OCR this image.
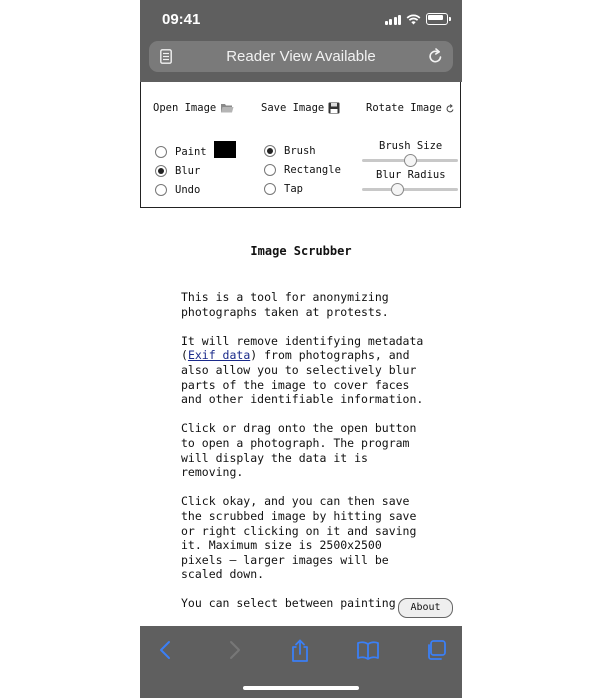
09:41
Reader View Available
Open Image	Save Image	Rotate Image
Paint
Blur
Undo
Brush
Rectangle
Tap
Brush Size
Blur Radius
Image Scrubber

This is a tool for anonymizing photographs taken at protests.

It will remove identifying metadata (Exif data) from photographs, and also allow you to selectively blur parts of the image to cover faces and other identifiable information.

Click or drag onto the open button to open a photograph. The program will display the data it is removing.

Click okay, and you can then save the scrubbed image by hitting save or right clicking on it and saving it. Maximum size is 2500x2500 pixels – larger images will be scaled down.

You can select between painting	About
